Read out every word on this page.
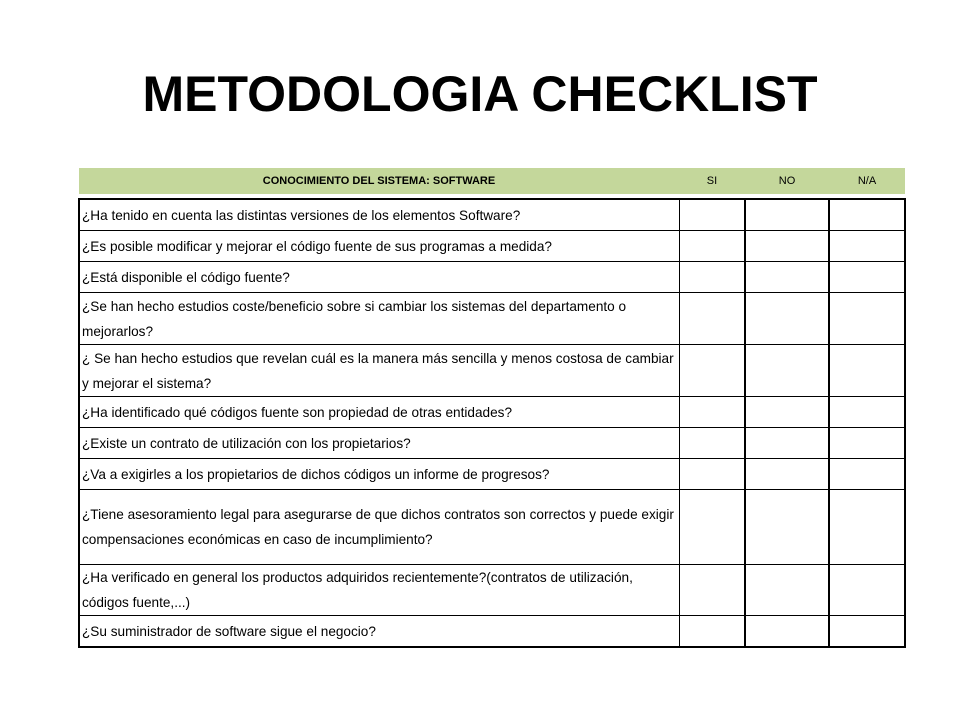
METODOLOGIA CHECKLIST
CONOCIMIENTO DEL SISTEMA: SOFTWARE	SI	NO	N/A

¿Ha tenido en cuenta las distintas versiones de los elementos Software?			
¿Es posible modificar y mejorar el código fuente de sus programas a medida?			
¿Está disponible el código fuente?			
¿Se han hecho estudios coste/beneficio sobre si cambiar los sistemas del departamento o mejorarlos?			
¿ Se han hecho estudios que revelan cuál es la manera más sencilla y menos costosa de cambiar y mejorar el sistema?			
¿Ha identificado qué códigos fuente son propiedad de otras entidades?			
¿Existe un contrato de utilización con los propietarios?			
¿Va a exigirles a los propietarios de dichos códigos un informe de progresos?			
¿Tiene asesoramiento legal para asegurarse de que dichos contratos son correctos y puede exigir compensaciones económicas en caso de incumplimiento?			
¿Ha verificado en general los productos adquiridos recientemente?(contratos de utilización, códigos fuente,...)			
¿Su suministrador de software sigue el negocio?			
